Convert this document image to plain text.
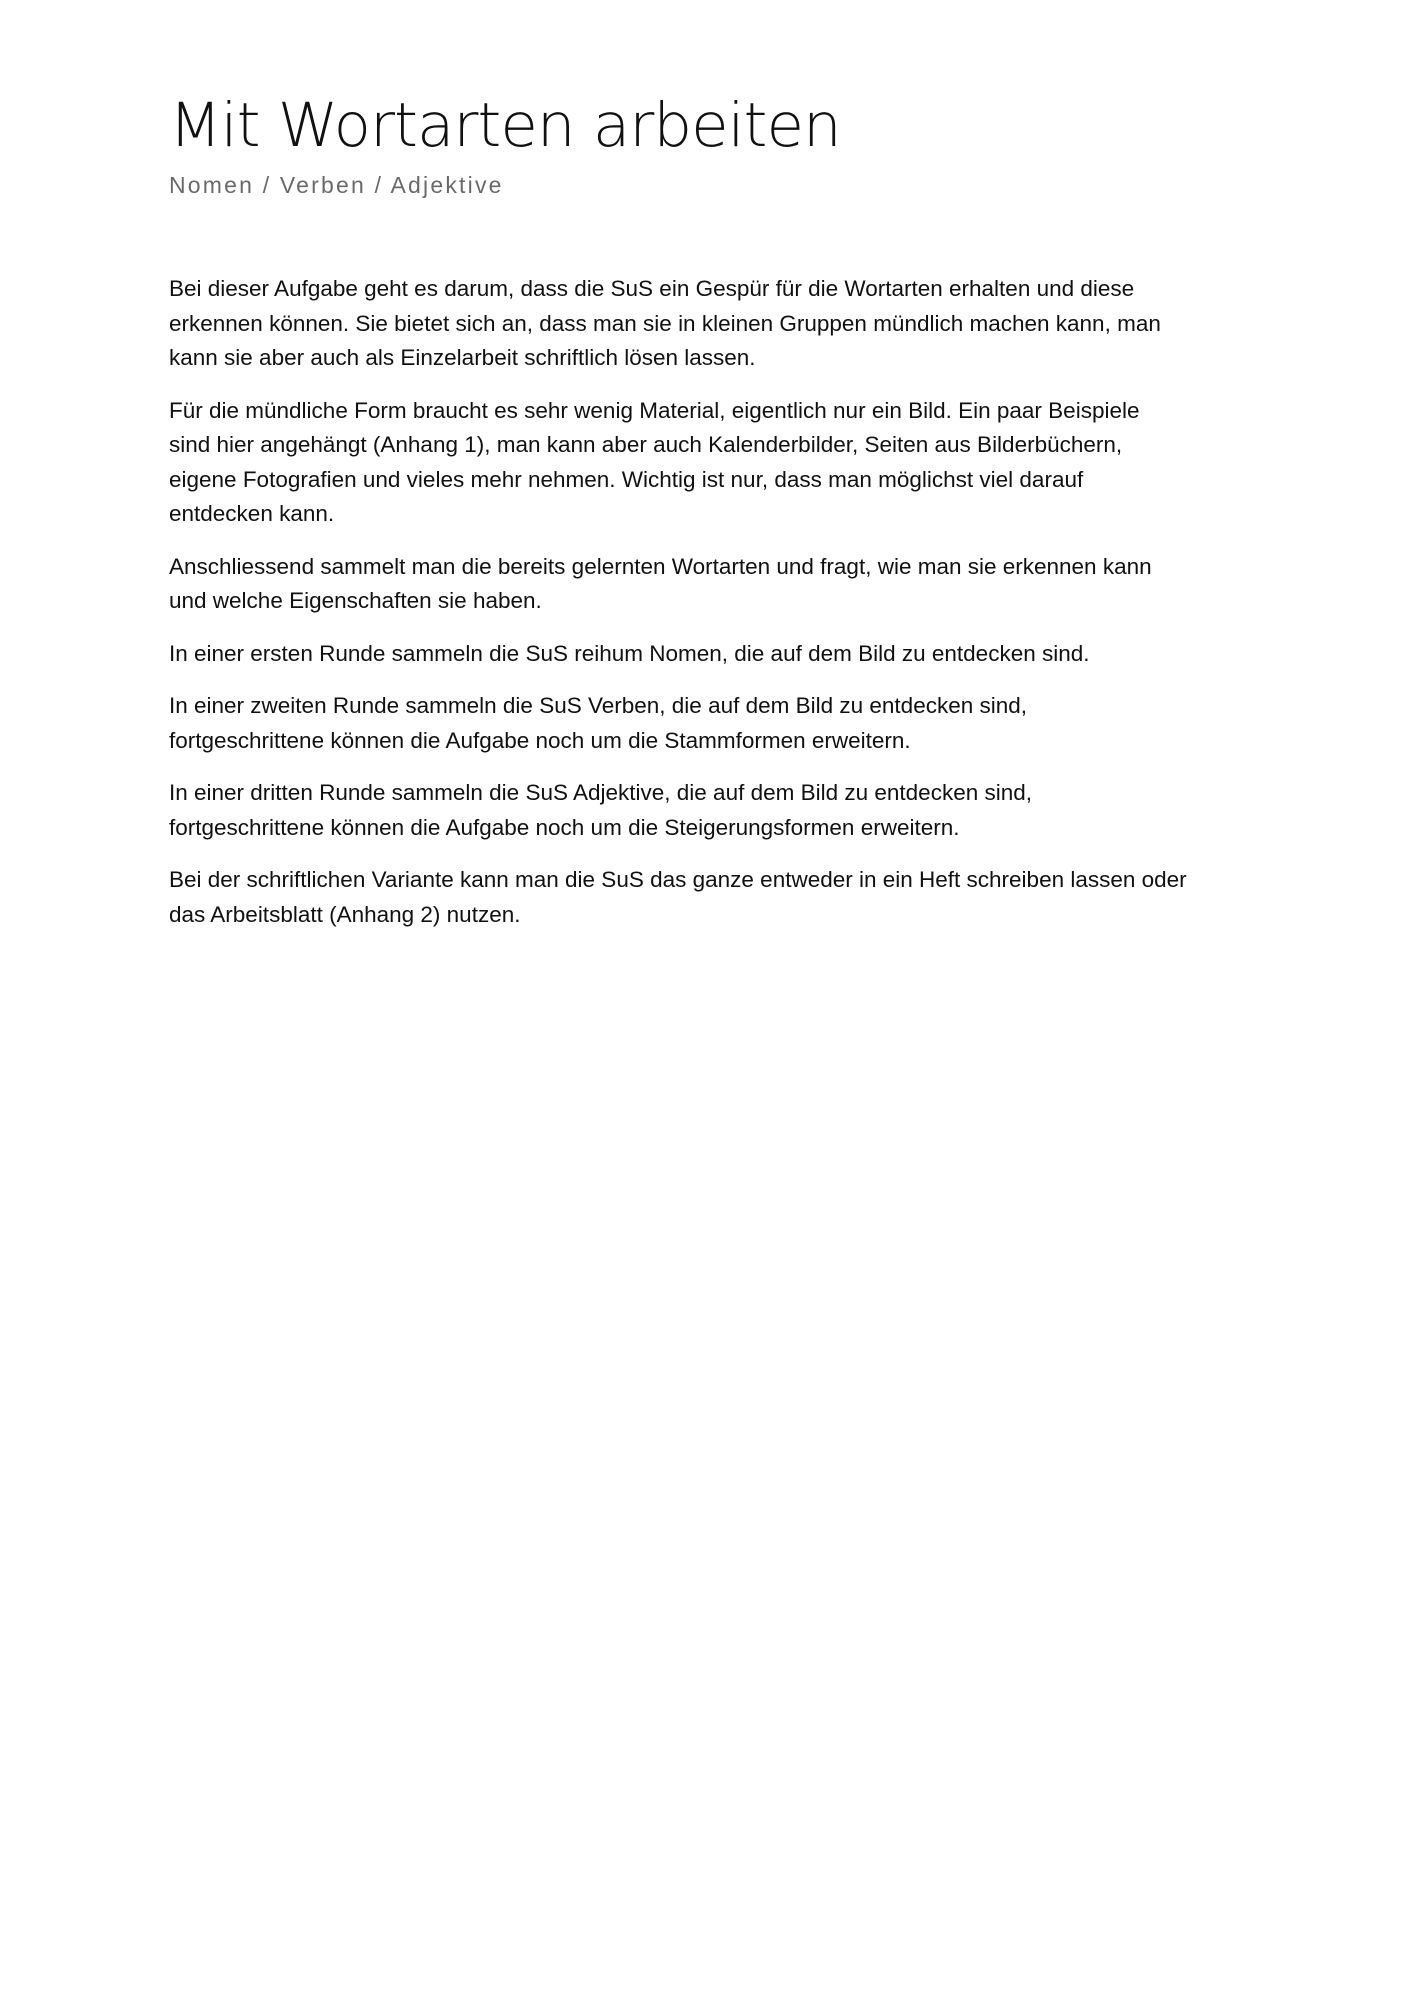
Mit Wortarten arbeiten
Nomen / Verben / Adjektive

Bei dieser Aufgabe geht es darum, dass die SuS ein Gespür für die Wortarten erhalten und diese
erkennen können. Sie bietet sich an, dass man sie in kleinen Gruppen mündlich machen kann, man
kann sie aber auch als Einzelarbeit schriftlich lösen lassen.

Für die mündliche Form braucht es sehr wenig Material, eigentlich nur ein Bild. Ein paar Beispiele
sind hier angehängt (Anhang 1), man kann aber auch Kalenderbilder, Seiten aus Bilderbüchern,
eigene Fotografien und vieles mehr nehmen. Wichtig ist nur, dass man möglichst viel darauf
entdecken kann.

Anschliessend sammelt man die bereits gelernten Wortarten und fragt, wie man sie erkennen kann
und welche Eigenschaften sie haben.

In einer ersten Runde sammeln die SuS reihum Nomen, die auf dem Bild zu entdecken sind.

In einer zweiten Runde sammeln die SuS Verben, die auf dem Bild zu entdecken sind,
fortgeschrittene können die Aufgabe noch um die Stammformen erweitern.

In einer dritten Runde sammeln die SuS Adjektive, die auf dem Bild zu entdecken sind,
fortgeschrittene können die Aufgabe noch um die Steigerungsformen erweitern.

Bei der schriftlichen Variante kann man die SuS das ganze entweder in ein Heft schreiben lassen oder
das Arbeitsblatt (Anhang 2) nutzen.
